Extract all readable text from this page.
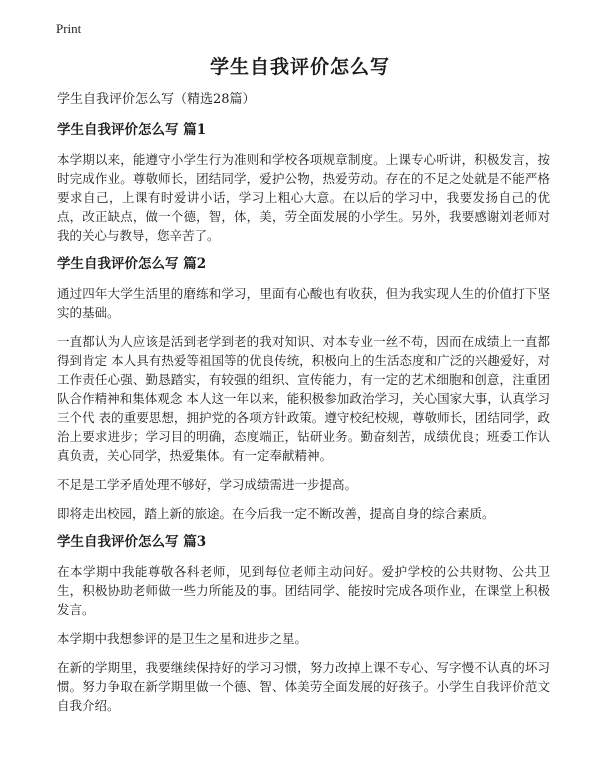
Print
学生自我评价怎么写

学生自我评价怎么写（精选28篇）

学生自我评价怎么写 篇1

本学期以来，能遵守小学生行为准则和学校各项规章制度。上课专心听讲，积极发言，按时完成作业。尊敬师长，团结同学，爱护公物，热爱劳动。存在的不足之处就是不能严格要求自己，上课有时爱讲小话，学习上粗心大意。在以后的学习中，我要发扬自己的优点，改正缺点，做一个德，智，体，美，劳全面发展的小学生。另外，我要感谢刘老师对我的关心与教导，您辛苦了。

学生自我评价怎么写 篇2

通过四年大学生活里的磨练和学习，里面有心酸也有收获，但为我实现人生的价值打下坚实的基础。

一直都认为人应该是活到老学到老的我对知识、对本专业一丝不苟，因而在成绩上一直都得到肯定 本人具有热爱等祖国等的优良传统，积极向上的生活态度和广泛的兴趣爱好，对工作责任心强、勤恳踏实，有较强的组织、宣传能力，有一定的艺术细胞和创意，注重团队合作精神和集体观念 本人这一年以来，能积极参加政治学习，关心国家大事，认真学习三个代 表的重要思想，拥护党的各项方针政策。遵守校纪校规，尊敬师长，团结同学，政治上要求进步；学习目的明确，态度端正，钻研业务。勤奋刻苦，成绩优良；班委工作认真负责，关心同学，热爱集体。有一定奉献精神。

不足是工学矛盾处理不够好，学习成绩需进一步提高。

即将走出校园，踏上新的旅途。在今后我一定不断改善，提高自身的综合素质。

学生自我评价怎么写 篇3

在本学期中我能尊敬各科老师，见到每位老师主动问好。爱护学校的公共财物、公共卫生，积极协助老师做一些力所能及的事。团结同学、能按时完成各项作业，在课堂上积极发言。

本学期中我想参评的是卫生之星和进步之星。

在新的学期里，我要继续保持好的学习习惯，努力改掉上课不专心、写字慢不认真的坏习惯。努力争取在新学期里做一个德、智、体美劳全面发展的好孩子。小学生自我评价范文自我介绍。
